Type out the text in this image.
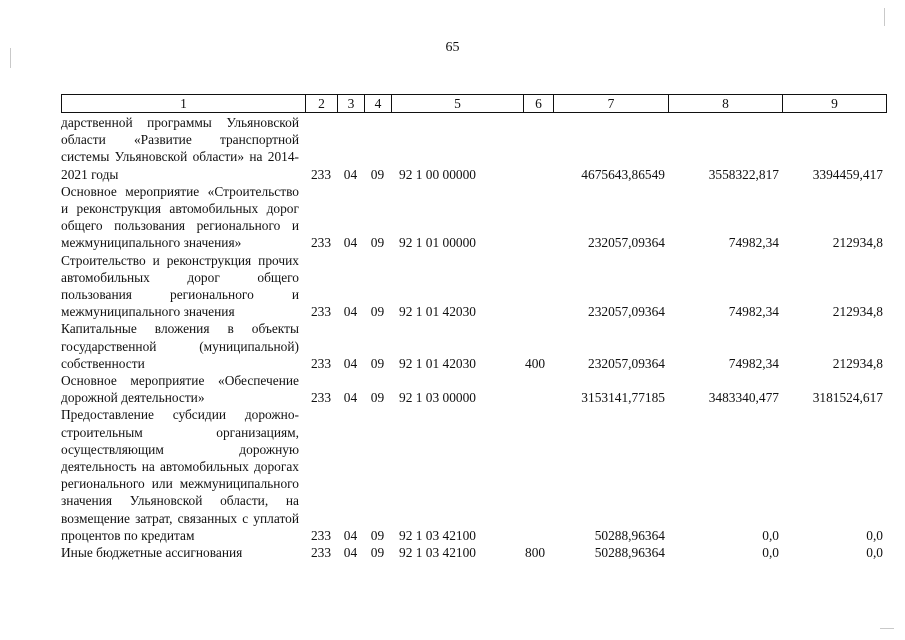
65
1	2	3	4	5	6	7	8	9
дарственной программы Ульяновской области «Развитие транспортной системы Ульяновской области» на 2014-2021 годы	233	04	09	92 1 00 00000		4675643,86549	3558322,817	3394459,417
Основное мероприятие «Строительство и реконструкция автомобильных дорог общего пользования регионального и межмуниципального значения»	233	04	09	92 1 01 00000		232057,09364	74982,34	212934,8
Строительство и реконструкция прочих автомобильных дорог общего пользования регионального и межмуниципального значения	233	04	09	92 1 01 42030		232057,09364	74982,34	212934,8
Капитальные вложения в объекты государственной (муниципальной) собственности	233	04	09	92 1 01 42030	400	232057,09364	74982,34	212934,8
Основное мероприятие «Обеспечение дорожной деятельности»	233	04	09	92 1 03 00000		3153141,77185	3483340,477	3181524,617
Предоставление субсидии дорожно-строительным организациям, осуществляющим дорожную деятельность на автомобильных дорогах регионального или межмуниципального значения Ульяновской области, на возмещение затрат, связанных с уплатой процентов по кредитам	233	04	09	92 1 03 42100		50288,96364	0,0	0,0
Иные бюджетные ассигнования	233	04	09	92 1 03 42100	800	50288,96364	0,0	0,0
